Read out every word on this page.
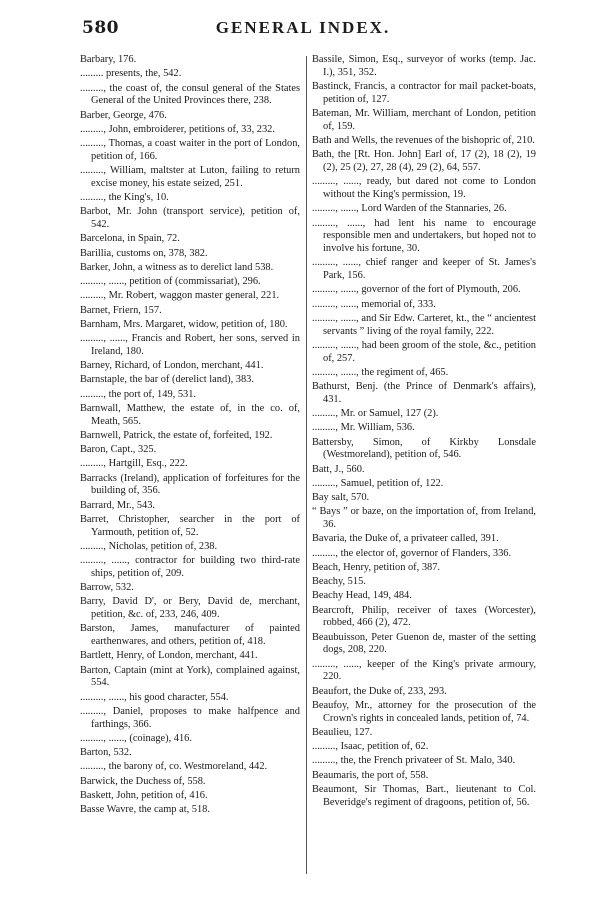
580	GENERAL INDEX.

Barbary, 176.

......... presents, the, 542.

........., the coast of, the consul general of the States General of the United Provinces there, 238.

Barber, George, 476.

........., John, embroiderer, petitions of, 33, 232.

........., Thomas, a coast waiter in the port of London, petition of, 166.

........., William, maltster at Luton, failing to return excise money, his estate seized, 251.

........., the King's, 10.

Barbot, Mr. John (transport service), petition of, 542.

Barcelona, in Spain, 72.

Barillia, customs on, 378, 382.

Barker, John, a witness as to derelict land 538.

........., ......, petition of (commissariat), 296.

........., Mr. Robert, waggon master general, 221.

Barnet, Friern, 157.

Barnham, Mrs. Margaret, widow, petition of, 180.

........., ......, Francis and Robert, her sons, served in Ireland, 180.

Barney, Richard, of London, merchant, 441.

Barnstaple, the bar of (derelict land), 383.

........., the port of, 149, 531.

Barnwall, Matthew, the estate of, in the co. of, Meath, 565.

Barnwell, Patrick, the estate of, forfeited, 192.

Baron, Capt., 325.

........., Hartgill, Esq., 222.

Barracks (Ireland), application of forfeitures for the building of, 356.

Barrard, Mr., 543.

Barret, Christopher, searcher in the port of Yarmouth, petition of, 52.

........., Nicholas, petition of, 238.

........., ......, contractor for building two third-rate ships, petition of, 209.

Barrow, 532.

Barry, David D', or Bery, David de, merchant, petition, &c. of, 233, 246, 409.

Barston, James, manufacturer of painted earthenwares, and others, petition of, 418.

Bartlett, Henry, of London, merchant, 441.

Barton, Captain (mint at York), complained against, 554.

........., ......, his good character, 554.

........., Daniel, proposes to make halfpence and farthings, 366.

........., ......, (coinage), 416.

Barton, 532.

........., the barony of, co. Westmoreland, 442.

Barwick, the Duchess of, 558.

Baskett, John, petition of, 416.

Basse Wavre, the camp at, 518.

Bassile, Simon, Esq., surveyor of works (temp. Jac. I.), 351, 352.

Bastinck, Francis, a contractor for mail packet-boats, petition of, 127.

Bateman, Mr. William, merchant of London, petition of, 159.

Bath and Wells, the revenues of the bishopric of, 210.

Bath, the [Rt. Hon. John] Earl of, 17 (2), 18 (2), 19 (2), 25 (2), 27, 28 (4), 29 (2), 64, 557.

........., ......, ready, but dared not come to London without the King's permission, 19.

........., ......, Lord Warden of the Stannaries, 26.

........., ......, had lent his name to encourage responsible men and undertakers, but hoped not to involve his fortune, 30.

........., ......, chief ranger and keeper of St. James's Park, 156.

........., ......, governor of the fort of Plymouth, 206.

........., ......, memorial of, 333.

........., ......, and Sir Edw. Carteret, kt., the “ ancientest servants ” living of the royal family, 222.

........., ......, had been groom of the stole, &c., petition of, 257.

........., ......, the regiment of, 465.

Bathurst, Benj. (the Prince of Denmark's affairs), 431.

........., Mr. or Samuel, 127 (2).

........., Mr. William, 536.

Battersby, Simon, of Kirkby Lonsdale (Westmoreland), petition of, 546.

Batt, J., 560.

........., Samuel, petition of, 122.

Bay salt, 570.

“ Bays ” or baze, on the importation of, from Ireland, 36.

Bavaria, the Duke of, a privateer called, 391.

........., the elector of, governor of Flanders, 336.

Beach, Henry, petition of, 387.

Beachy, 515.

Beachy Head, 149, 484.

Bearcroft, Philip, receiver of taxes (Worcester), robbed, 466 (2), 472.

Beaubuisson, Peter Guenon de, master of the setting dogs, 208, 220.

........., ......, keeper of the King's private armoury, 220.

Beaufort, the Duke of, 233, 293.

Beaufoy, Mr., attorney for the prosecution of the Crown's rights in concealed lands, petition of, 74.

Beaulieu, 127.

........., Isaac, petition of, 62.

........., the, the French privateer of St. Malo, 340.

Beaumaris, the port of, 558.

Beaumont, Sir Thomas, Bart., lieutenant to Col. Beveridge's regiment of dragoons, petition of, 56.
